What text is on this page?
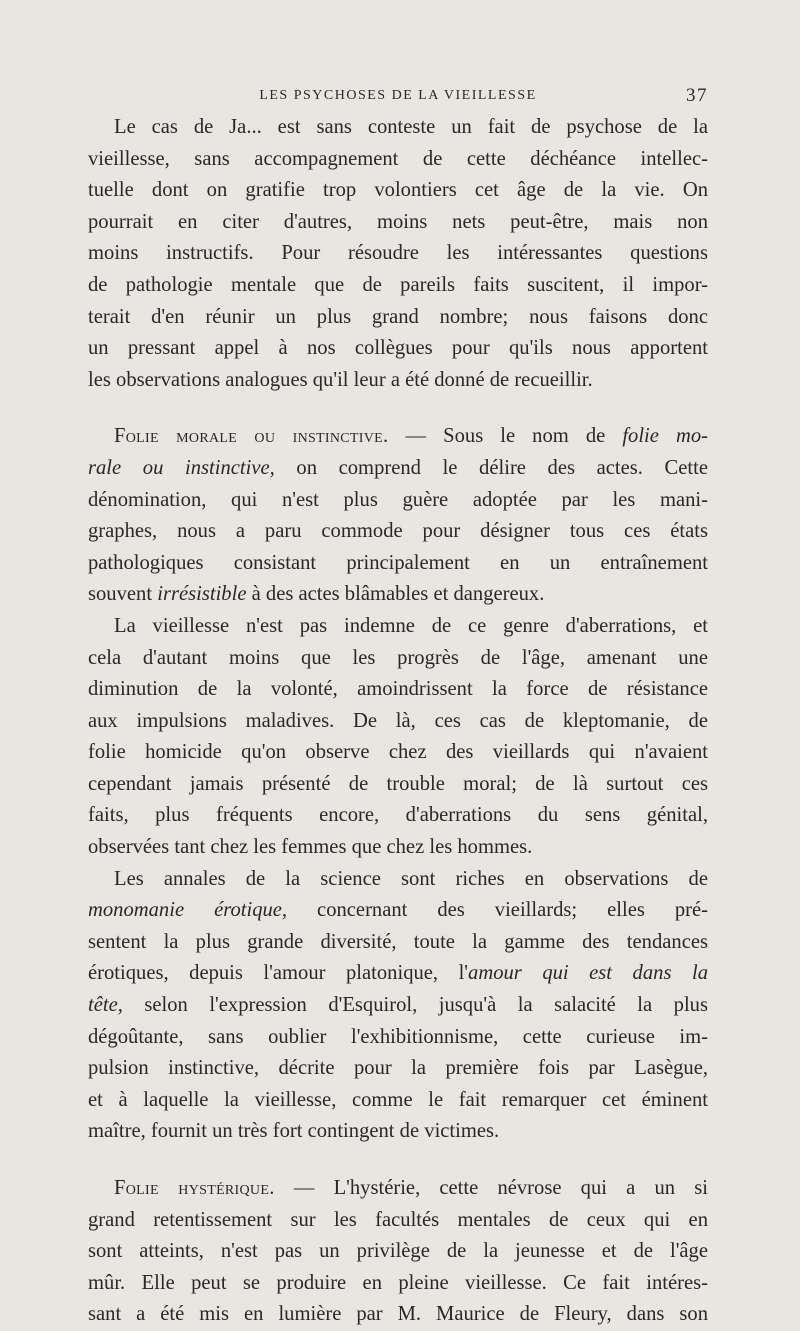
LES PSYCHOSES DE LA VIEILLESSE	37

Le cas de Ja... est sans conteste un fait de psychose de la
vieillesse, sans accompagnement de cette déchéance intellec-
tuelle dont on gratifie trop volontiers cet âge de la vie. On
pourrait en citer d'autres, moins nets peut-être, mais non
moins instructifs. Pour résoudre les intéressantes questions
de pathologie mentale que de pareils faits suscitent, il impor-
terait d'en réunir un plus grand nombre; nous faisons donc
un pressant appel à nos collègues pour qu'ils nous apportent
les observations analogues qu'il leur a été donné de recueillir.

Folie morale ou instinctive. — Sous le nom de folie mo-
rale ou instinctive, on comprend le délire des actes. Cette
dénomination, qui n'est plus guère adoptée par les mani-
graphes, nous a paru commode pour désigner tous ces états
pathologiques consistant principalement en un entraînement
souvent irrésistible à des actes blâmables et dangereux.

La vieillesse n'est pas indemne de ce genre d'aberrations, et
cela d'autant moins que les progrès de l'âge, amenant une
diminution de la volonté, amoindrissent la force de résistance
aux impulsions maladives. De là, ces cas de kleptomanie, de
folie homicide qu'on observe chez des vieillards qui n'avaient
cependant jamais présenté de trouble moral; de là surtout ces
faits, plus fréquents encore, d'aberrations du sens génital,
observées tant chez les femmes que chez les hommes.

Les annales de la science sont riches en observations de
monomanie érotique, concernant des vieillards; elles pré-
sentent la plus grande diversité, toute la gamme des tendances
érotiques, depuis l'amour platonique, l'amour qui est dans la
tête, selon l'expression d'Esquirol, jusqu'à la salacité la plus
dégoûtante, sans oublier l'exhibitionnisme, cette curieuse im-
pulsion instinctive, décrite pour la première fois par Lasègue,
et à laquelle la vieillesse, comme le fait remarquer cet éminent
maître, fournit un très fort contingent de victimes.

Folie hystérique. — L'hystérie, cette névrose qui a un si
grand retentissement sur les facultés mentales de ceux qui en
sont atteints, n'est pas un privilège de la jeunesse et de l'âge
mûr. Elle peut se produire en pleine vieillesse. Ce fait intéres-
sant a été mis en lumière par M. Maurice de Fleury, dans son
